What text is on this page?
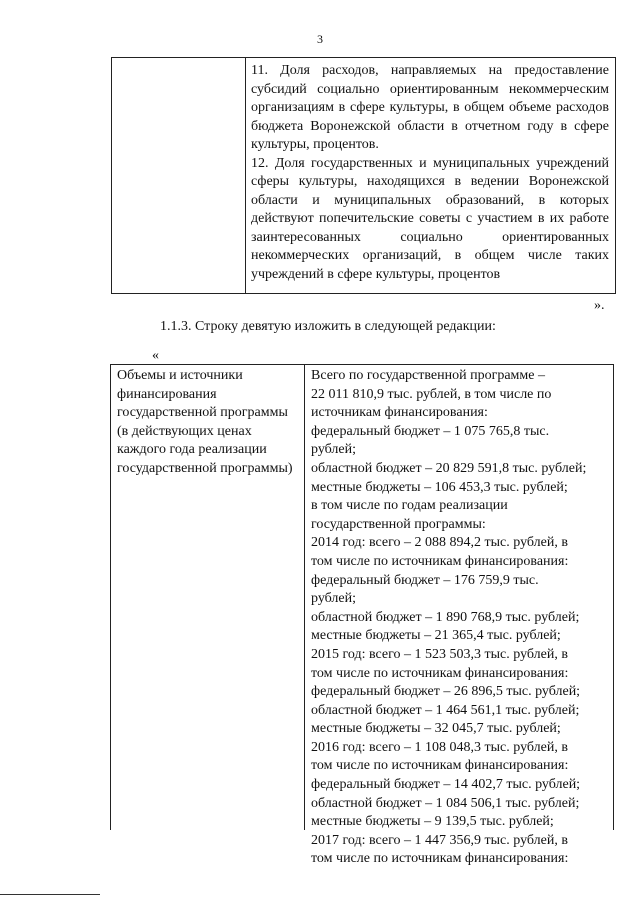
3

11. Доля расходов, направляемых на предоставление субсидий социально ориентированным некоммерческим организациям в сфере культуры, в общем объеме расходов бюджета Воронежской области в отчетном году в сфере культуры, процентов.

12. Доля государственных и муниципальных учреждений сферы культуры, находящихся в ведении Воронежской области и муниципальных образований, в которых действуют попечительские советы с участием в их работе заинтересованных социально ориентированных некоммерческих организаций, в общем числе таких учреждений в сфере культуры, процентов

».
1.1.3. Строку девятую изложить в следующей редакции:
«
Объемы и источники финансирования государственной программы (в действующих ценах каждого года реализации государственной программы)

Всего по государственной программе –

22 011 810,9 тыс. рублей, в том числе по

источникам финансирования:

федеральный бюджет – 1 075 765,8 тыс.

рублей;

областной бюджет – 20 829 591,8 тыс. рублей;

местные бюджеты – 106 453,3 тыс. рублей;

в том числе по годам реализации

государственной программы:

2014 год: всего – 2 088 894,2 тыс. рублей, в

том числе по источникам финансирования:

федеральный бюджет – 176 759,9 тыс.

рублей;

областной бюджет – 1 890 768,9 тыс. рублей;

местные бюджеты – 21 365,4 тыс. рублей;

2015 год: всего – 1 523 503,3 тыс. рублей, в

том числе по источникам финансирования:

федеральный бюджет – 26 896,5 тыс. рублей;

областной бюджет – 1 464 561,1 тыс. рублей;

местные бюджеты – 32 045,7 тыс. рублей;

2016 год: всего – 1 108 048,3 тыс. рублей, в

том числе по источникам финансирования:

федеральный бюджет – 14 402,7 тыс. рублей;

областной бюджет – 1 084 506,1 тыс. рублей;

местные бюджеты – 9 139,5 тыс. рублей;

2017 год: всего – 1 447 356,9 тыс. рублей, в

том числе по источникам финансирования:
